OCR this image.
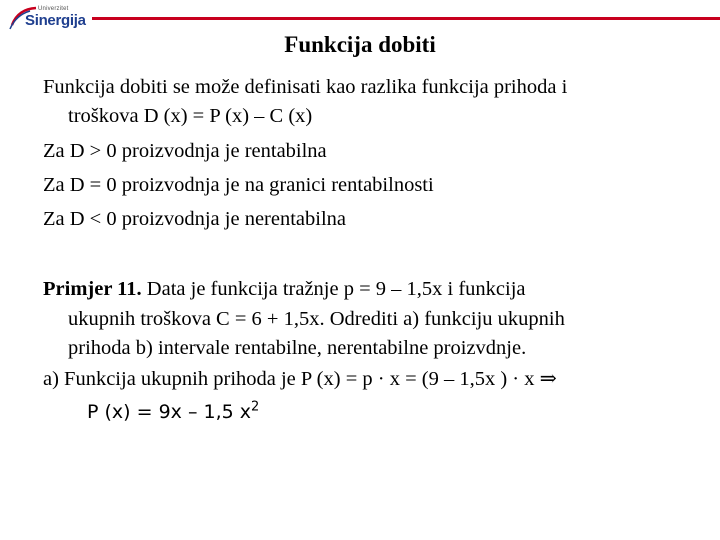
Univerzitet
Sinergija
Funkcija dobiti
Funkcija dobiti se može definisati kao razlika funkcija prihoda i
troškova D (x) = P (x) – C (x)
Za D > 0 proizvodnja je rentabilna
Za D = 0 proizvodnja je na granici rentabilnosti
Za D < 0 proizvodnja je nerentabilna
Primjer 11. Data je funkcija tražnje p = 9 – 1,5x i funkcija
ukupnih troškova C = 6 + 1,5x. Odrediti a) funkciju ukupnih
prihoda b) intervale rentabilne, nerentabilne proizvdnje.
a) Funkcija ukupnih prihoda je P (x) = p · x = (9 – 1,5x ) · x ⇒
P (x) = 9x – 1,5 $x^2$
